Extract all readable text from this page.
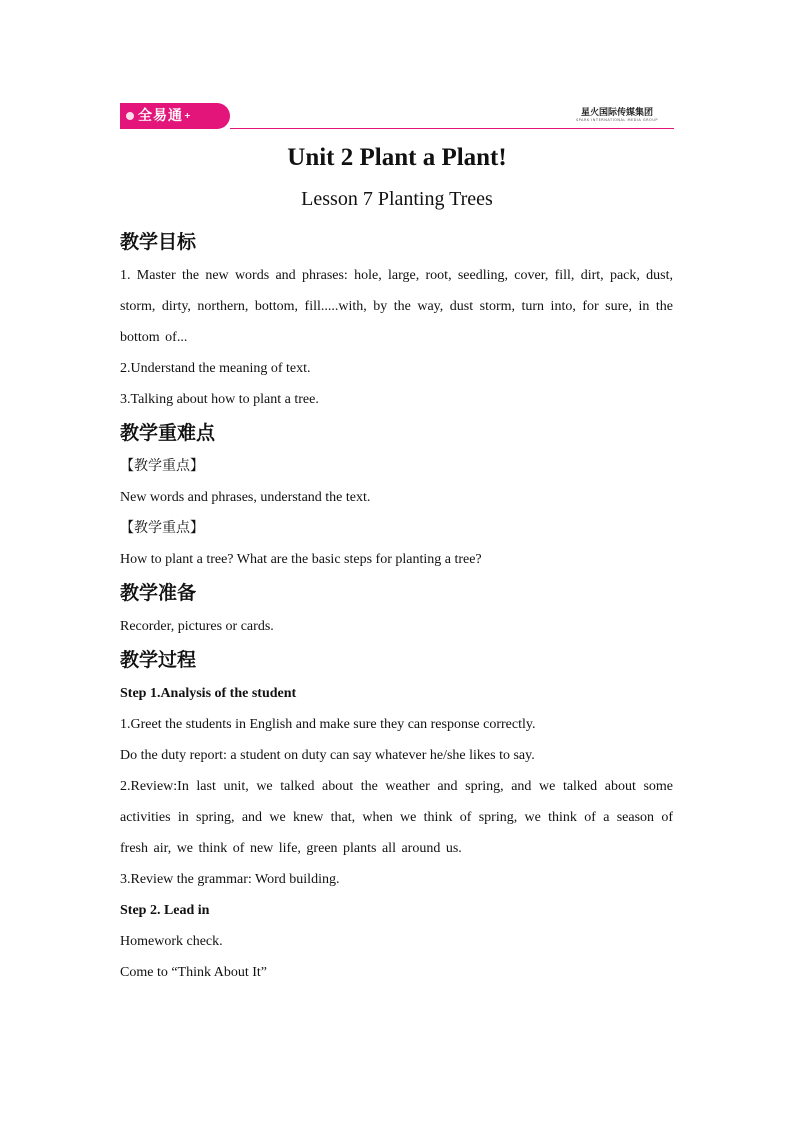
全易通+	星火国际传媒集团
SPARK INTERNATIONAL MEDIA GROUP
Unit 2 Plant a Plant!
Lesson 7 Planting Trees
教学目标

1. Master the new words and phrases: hole, large, root, seedling, cover, fill, dirt, pack, dust, storm, dirty, northern, bottom, fill.....with, by the way, dust storm, turn into, for sure, in the bottom of...

2.Understand the meaning of text.

3.Talking about how to plant a tree.

教学重难点

【教学重点】

New words and phrases, understand the text.

【教学重点】

How to plant a tree? What are the basic steps for planting a tree?

教学准备

Recorder, pictures or cards.

教学过程

Step 1.Analysis of the student

1.Greet the students in English and make sure they can response correctly.

Do the duty report: a student on duty can say whatever he/she likes to say.

2.Review:In last unit, we talked about the weather and spring, and we talked about some activities in spring, and we knew that, when we think of spring, we think of a season of fresh air, we think of new life, green plants all around us.

3.Review the grammar: Word building.

Step 2. Lead in

Homework check.

Come to “Think About It”
